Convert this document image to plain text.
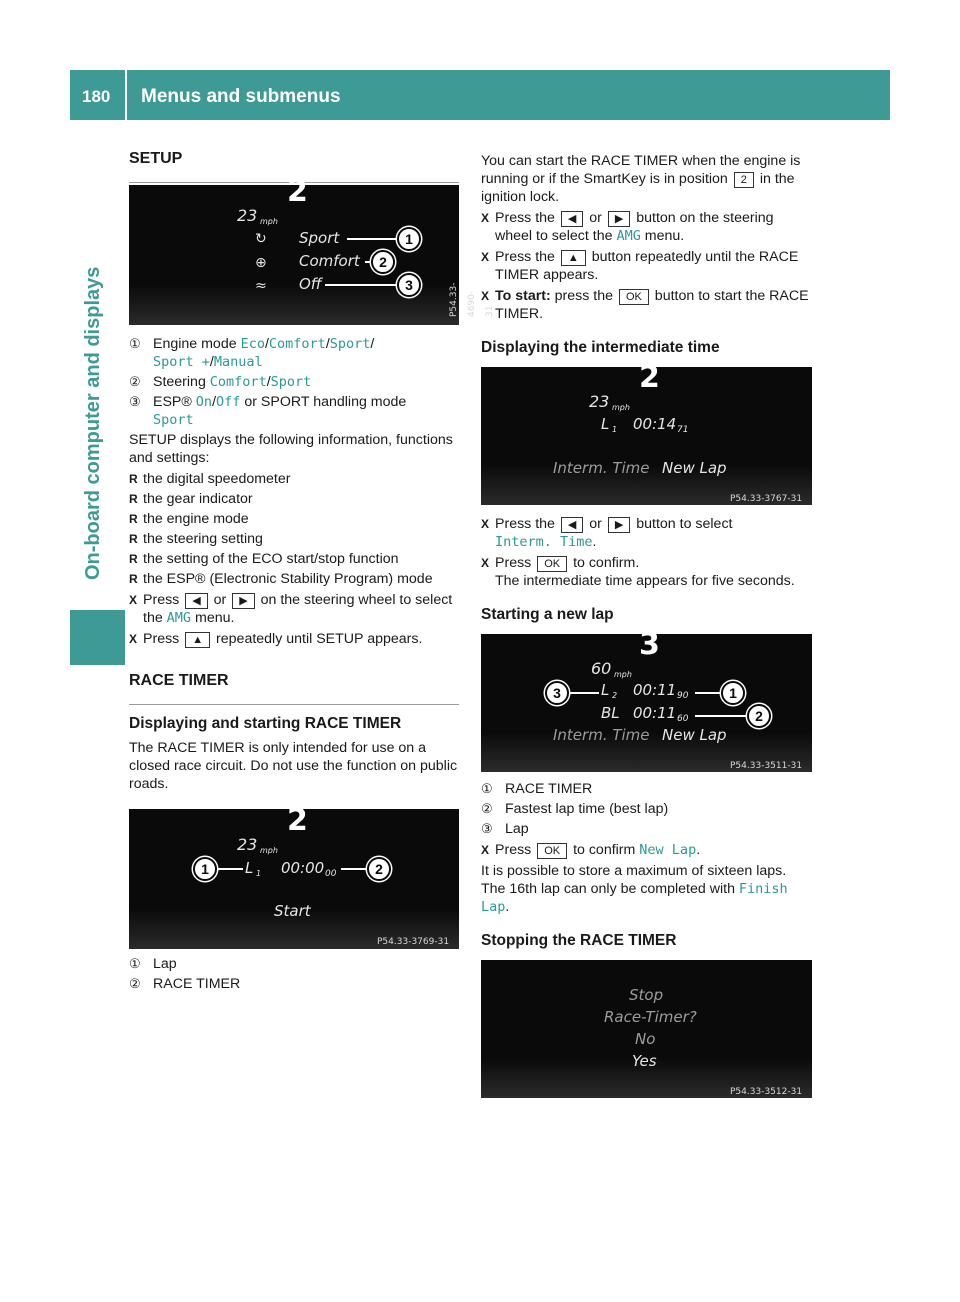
180 Menus and submenus
On-board computer and displays
SETUP
23 mph
2
↻
⊕
≈
Sport
Comfort
Off
1
2
3	P54.33-4690-31
① Engine mode Eco/Comfort/Sport/
Sport +/Manual
② Steering Comfort/Sport
③ ESP® On/Off or SPORT handling mode
Sport

SETUP displays the following information, functions and settings:

R the digital speedometer
R the gear indicator
R the engine mode
R the steering setting
R the setting of the ECO start/stop function
R the ESP® (Electronic Stability Program) mode
X Press ◀ or ▶ on the steering wheel to select the AMG menu.
X Press ▲ repeatedly until SETUP appears.
RACE TIMER
Displaying and starting RACE TIMER

The RACE TIMER is only intended for use on a closed race circuit. Do not use the function on public roads.

23 mph
2
L 1 00:00 00
Start
1	2
P54.33-3769-31
① Lap
② RACE TIMER

You can start the RACE TIMER when the engine is running or if the SmartKey is in position 2 in the ignition lock.

X Press the ◀ or ▶ button on the steering wheel to select the AMG menu.
X Press the ▲ button repeatedly until the RACE TIMER appears.
X To start: press the OK button to start the RACE TIMER.
Displaying the intermediate time
23 mph
2
L 1 00:14 71
Interm. Time New Lap
P54.33-3767-31
X Press the ◀ or ▶ button to select
Interm. Time.
X Press OK to confirm.
The intermediate time appears for five seconds.
Starting a new lap
60 mph
3
L 2 00:11 90
BL 00:11 60
Interm. Time New Lap
3	1
2
P54.33-3511-31
① RACE TIMER
② Fastest lap time (best lap)
③ Lap
X Press OK to confirm New Lap.

It is possible to store a maximum of sixteen laps. The 16th lap can only be completed with Finish Lap.

Stopping the RACE TIMER
Stop
Race-Timer?
No
Yes
P54.33-3512-31
